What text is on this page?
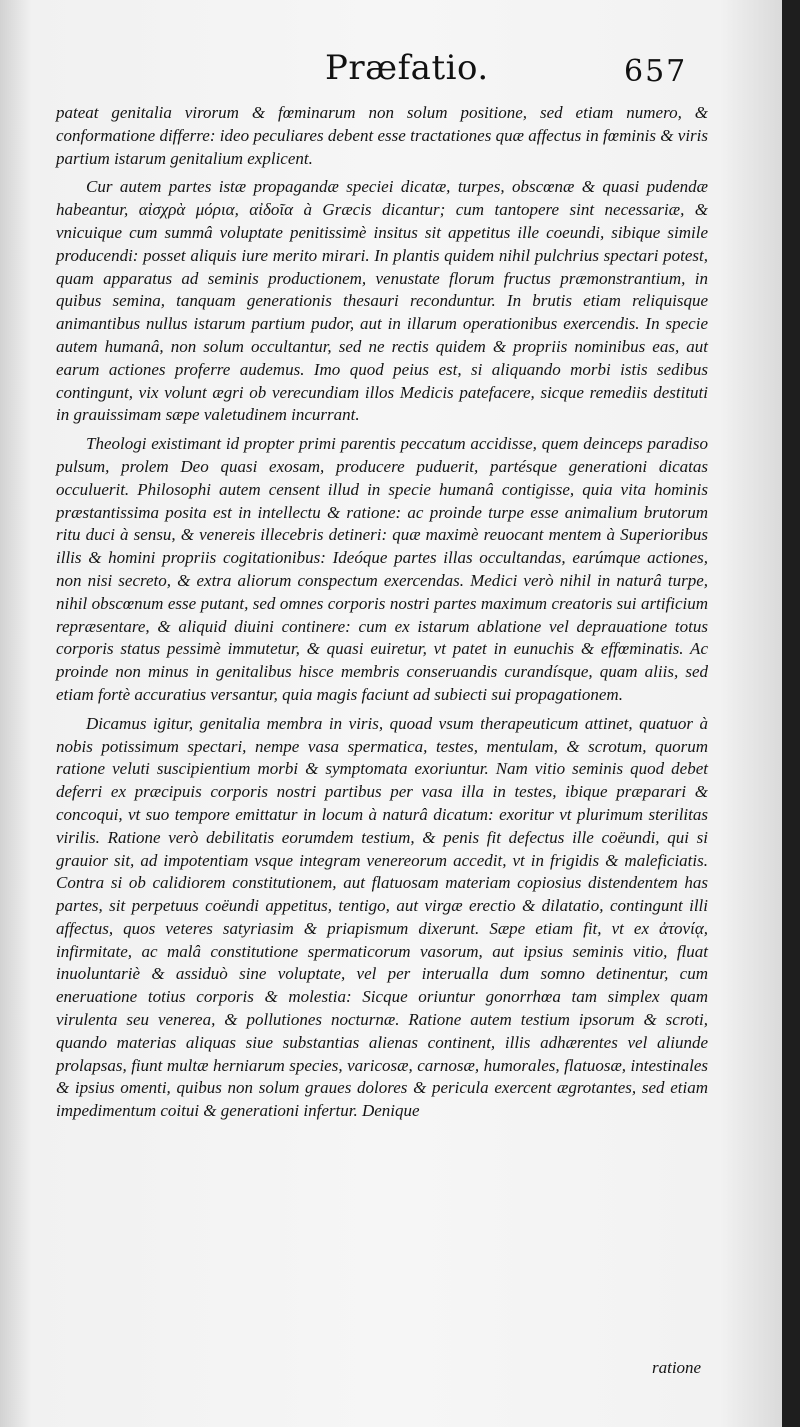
Præfatio.	657

pateat genitalia virorum & fœminarum non solum positione, sed etiam numero, & conformatione differre: ideo peculiares debent esse tractationes quæ affectus in fœminis & viris partium istarum genitalium explicent.

Cur autem partes istæ propagandæ speciei dicatæ, turpes, obscœnæ & quasi pudendæ habeantur, αἰσχρὰ μόρια, αἰδοῖα à Græcis dicantur; cum tantopere sint necessariæ, & vnicuique cum summâ voluptate penitissimè insitus sit appetitus ille coeundi, sibique simile producendi: posset aliquis iure merito mirari. In plantis quidem nihil pulchrius spectari potest, quam apparatus ad seminis productionem, venustate florum fructus præmonstrantium, in quibus semina, tanquam generationis thesauri reconduntur. In brutis etiam reliquisque animantibus nullus istarum partium pudor, aut in illarum operationibus exercendis. In specie autem humanâ, non solum occultantur, sed ne rectis quidem & propriis nominibus eas, aut earum actiones proferre audemus. Imo quod peius est, si aliquando morbi istis sedibus contingunt, vix volunt ægri ob verecundiam illos Medicis patefacere, sicque remediis destituti in grauissimam sæpe valetudinem incurrant.

Theologi existimant id propter primi parentis peccatum accidisse, quem deinceps paradiso pulsum, prolem Deo quasi exosam, producere puduerit, partésque generationi dicatas occuluerit. Philosophi autem censent illud in specie humanâ contigisse, quia vita hominis præstantissima posita est in intellectu & ratione: ac proinde turpe esse animalium brutorum ritu duci à sensu, & venereis illecebris detineri: quæ maximè reuocant mentem à Superioribus illis & homini propriis cogitationibus: Ideóque partes illas occultandas, earúmque actiones, non nisi secreto, & extra aliorum conspectum exercendas. Medici verò nihil in naturâ turpe, nihil obscœnum esse putant, sed omnes corporis nostri partes maximum creatoris sui artificium repræsentare, & aliquid diuini continere: cum ex istarum ablatione vel deprauatione totus corporis status pessimè immutetur, & quasi euiretur, vt patet in eunuchis & effœminatis. Ac proinde non minus in genitalibus hisce membris conseruandis curandísque, quam aliis, sed etiam fortè accuratius versantur, quia magis faciunt ad subiecti sui propagationem.

Dicamus igitur, genitalia membra in viris, quoad vsum therapeuticum attinet, quatuor à nobis potissimum spectari, nempe vasa spermatica, testes, mentulam, & scrotum, quorum ratione veluti suscipientium morbi & symptomata exoriuntur. Nam vitio seminis quod debet deferri ex præcipuis corporis nostri partibus per vasa illa in testes, ibique præparari & concoqui, vt suo tempore emittatur in locum à naturâ dicatum: exoritur vt plurimum sterilitas virilis. Ratione verò debilitatis eorumdem testium, & penis fit defectus ille coëundi, qui si grauior sit, ad impotentiam vsque integram venereorum accedit, vt in frigidis & maleficiatis. Contra si ob calidiorem constitutionem, aut flatuosam materiam copiosius distendentem has partes, sit perpetuus coëundi appetitus, tentigo, aut virgæ erectio & dilatatio, contingunt illi affectus, quos veteres satyriasim & priapismum dixerunt. Sæpe etiam fit, vt ex ἀτονίᾳ, infirmitate, ac malâ constitutione spermaticorum vasorum, aut ipsius seminis vitio, fluat inuoluntariè & assiduò sine voluptate, vel per interualla dum somno detinentur, cum eneruatione totius corporis & molestia: Sicque oriuntur gonorrhœa tam simplex quam virulenta seu venerea, & pollutiones nocturnæ. Ratione autem testium ipsorum & scroti, quando materias aliquas siue substantias alienas continent, illis adhærentes vel aliunde prolapsas, fiunt multæ herniarum species, varicosæ, carnosæ, humorales, flatuosæ, intestinales & ipsius omenti, quibus non solum graues dolores & pericula exercent ægrotantes, sed etiam impedimentum coitui & generationi infertur. Denique

ratione
